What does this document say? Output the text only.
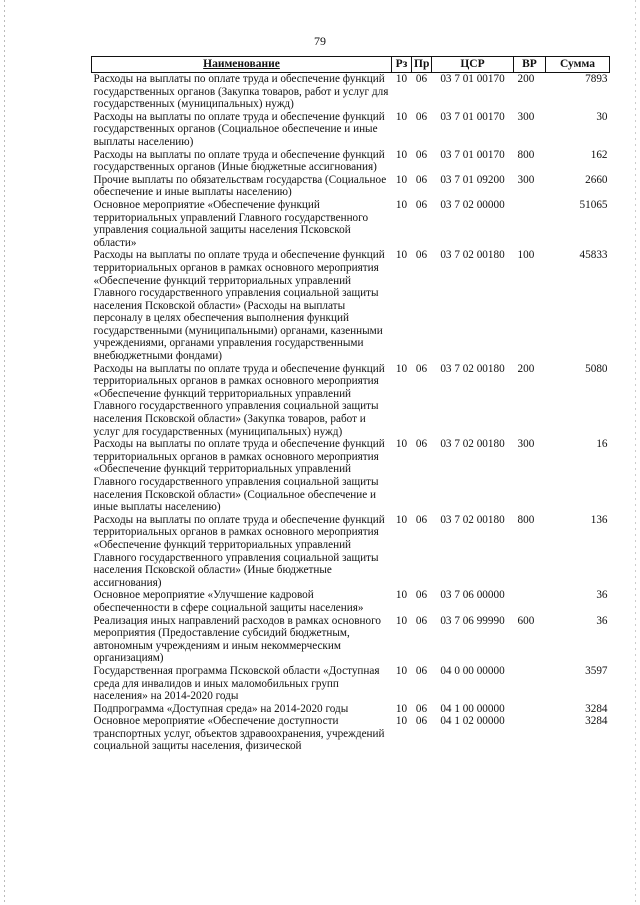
79
Наименование	Рз	Пр	ЦСР	ВР	Сумма
Расходы на выплаты по оплате труда и обеспечение функций государственных органов (Закупка товаров, работ и услуг для государственных (муниципальных) нужд)	10	06	03 7 01 00170	200	7893
Расходы на выплаты по оплате труда и обеспечение функций государственных органов (Социальное обеспечение и иные выплаты населению)	10	06	03 7 01 00170	300	30
Расходы на выплаты по оплате труда и обеспечение функций государственных органов (Иные бюджетные ассигнования)	10	06	03 7 01 00170	800	162
Прочие выплаты по обязательствам государства (Социальное обеспечение и иные выплаты населению)	10	06	03 7 01 09200	300	2660
Основное мероприятие «Обеспечение функций территориальных управлений Главного государственного управления социальной защиты населения Псковской области»	10	06	03 7 02 00000		51065
Расходы на выплаты по оплате труда и обеспечение функций территориальных органов в рамках основного мероприятия «Обеспечение функций территориальных управлений Главного государственного управления социальной защиты населения Псковской области» (Расходы на выплаты персоналу в целях обеспечения выполнения функций государственными (муниципальными) органами, казенными учреждениями, органами управления государственными внебюджетными фондами)	10	06	03 7 02 00180	100	45833
Расходы на выплаты по оплате труда и обеспечение функций территориальных органов в рамках основного мероприятия «Обеспечение функций территориальных управлений Главного государственного управления социальной защиты населения Псковской области» (Закупка товаров, работ и услуг для государственных (муниципальных) нужд)	10	06	03 7 02 00180	200	5080
Расходы на выплаты по оплате труда и обеспечение функций территориальных органов в рамках основного мероприятия «Обеспечение функций территориальных управлений Главного государственного управления социальной защиты населения Псковской области» (Социальное обеспечение и иные выплаты населению)	10	06	03 7 02 00180	300	16
Расходы на выплаты по оплате труда и обеспечение функций территориальных органов в рамках основного мероприятия «Обеспечение функций территориальных управлений Главного государственного управления социальной защиты населения Псковской области» (Иные бюджетные ассигнования)	10	06	03 7 02 00180	800	136
Основное мероприятие «Улучшение кадровой обеспеченности в сфере социальной защиты населения»	10	06	03 7 06 00000		36
Реализация иных направлений расходов в рамках основного мероприятия (Предоставление субсидий бюджетным, автономным учреждениям и иным некоммерческим организациям)	10	06	03 7 06 99990	600	36
Государственная программа Псковской области «Доступная среда для инвалидов и иных маломобильных групп населения» на 2014-2020 годы	10	06	04 0 00 00000		3597
Подпрограмма «Доступная среда» на 2014-2020 годы	10	06	04 1 00 00000		3284
Основное мероприятие «Обеспечение доступности транспортных услуг, объектов здравоохранения, учреждений социальной защиты населения, физической	10	06	04 1 02 00000		3284
